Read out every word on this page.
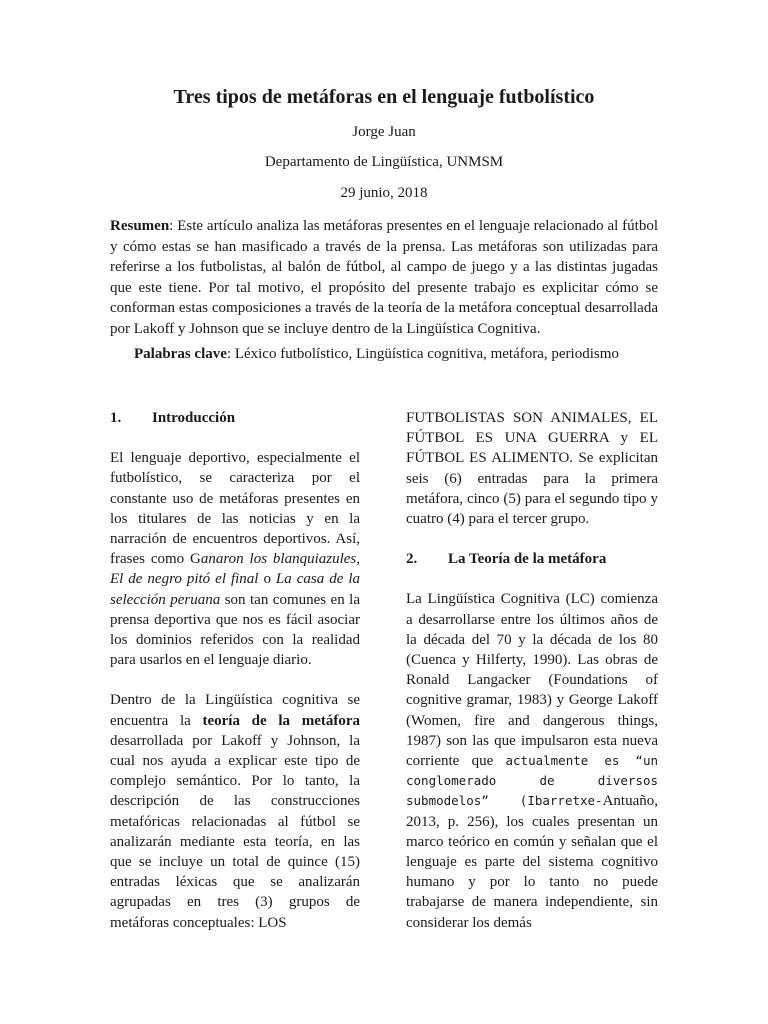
Tres tipos de metáforas en el lenguaje futbolístico
Jorge Juan
Departamento de Lingüística, UNMSM
29 junio, 2018
Resumen: Este artículo analiza las metáforas presentes en el lenguaje relacionado al fútbol y cómo estas se han masificado a través de la prensa. Las metáforas son utilizadas para referirse a los futbolistas, al balón de fútbol, al campo de juego y a las distintas jugadas que este tiene. Por tal motivo, el propósito del presente trabajo es explicitar cómo se conforman estas composiciones a través de la teoría de la metáfora conceptual desarrollada por Lakoff y Johnson que se incluye dentro de la Lingüística Cognitiva.
Palabras clave: Léxico futbolístico, Lingüística cognitiva, metáfora, periodismo

1. Introducción

El lenguaje deportivo, especialmente el futbolístico, se caracteriza por el constante uso de metáforas presentes en los titulares de las noticias y en la narración de encuentros deportivos. Así, frases como Ganaron los blanquiazules, El de negro pitó el final o La casa de la selección peruana son tan comunes en la prensa deportiva que nos es fácil asociar los dominios referidos con la realidad para usarlos en el lenguaje diario.

Dentro de la Lingüística cognitiva se encuentra la teoría de la metáfora desarrollada por Lakoff y Johnson, la cual nos ayuda a explicar este tipo de complejo semántico. Por lo tanto, la descripción de las construcciones metafóricas relacionadas al fútbol se analizarán mediante esta teoría, en las que se incluye un total de quince (15) entradas léxicas que se analizarán agrupadas en tres (3) grupos de metáforas conceptuales: LOS

FUTBOLISTAS SON ANIMALES, EL FÚTBOL ES UNA GUERRA y EL FÚTBOL ES ALIMENTO. Se explicitan seis (6) entradas para la primera metáfora, cinco (5) para el segundo tipo y cuatro (4) para el tercer grupo.

2. La Teoría de la metáfora

La Lingüística Cognitiva (LC) comienza a desarrollarse entre los últimos años de la década del 70 y la década de los 80 (Cuenca y Hilferty, 1990). Las obras de Ronald Langacker (Foundations of cognitive gramar, 1983) y George Lakoff (Women, fire and dangerous things, 1987) son las que impulsaron esta nueva corriente que actualmente es “un conglomerado de diversos submodelos” (Ibarretxe-Antuaño, 2013, p. 256), los cuales presentan un marco teórico en común y señalan que el lenguaje es parte del sistema cognitivo humano y por lo tanto no puede trabajarse de manera independiente, sin considerar los demás
